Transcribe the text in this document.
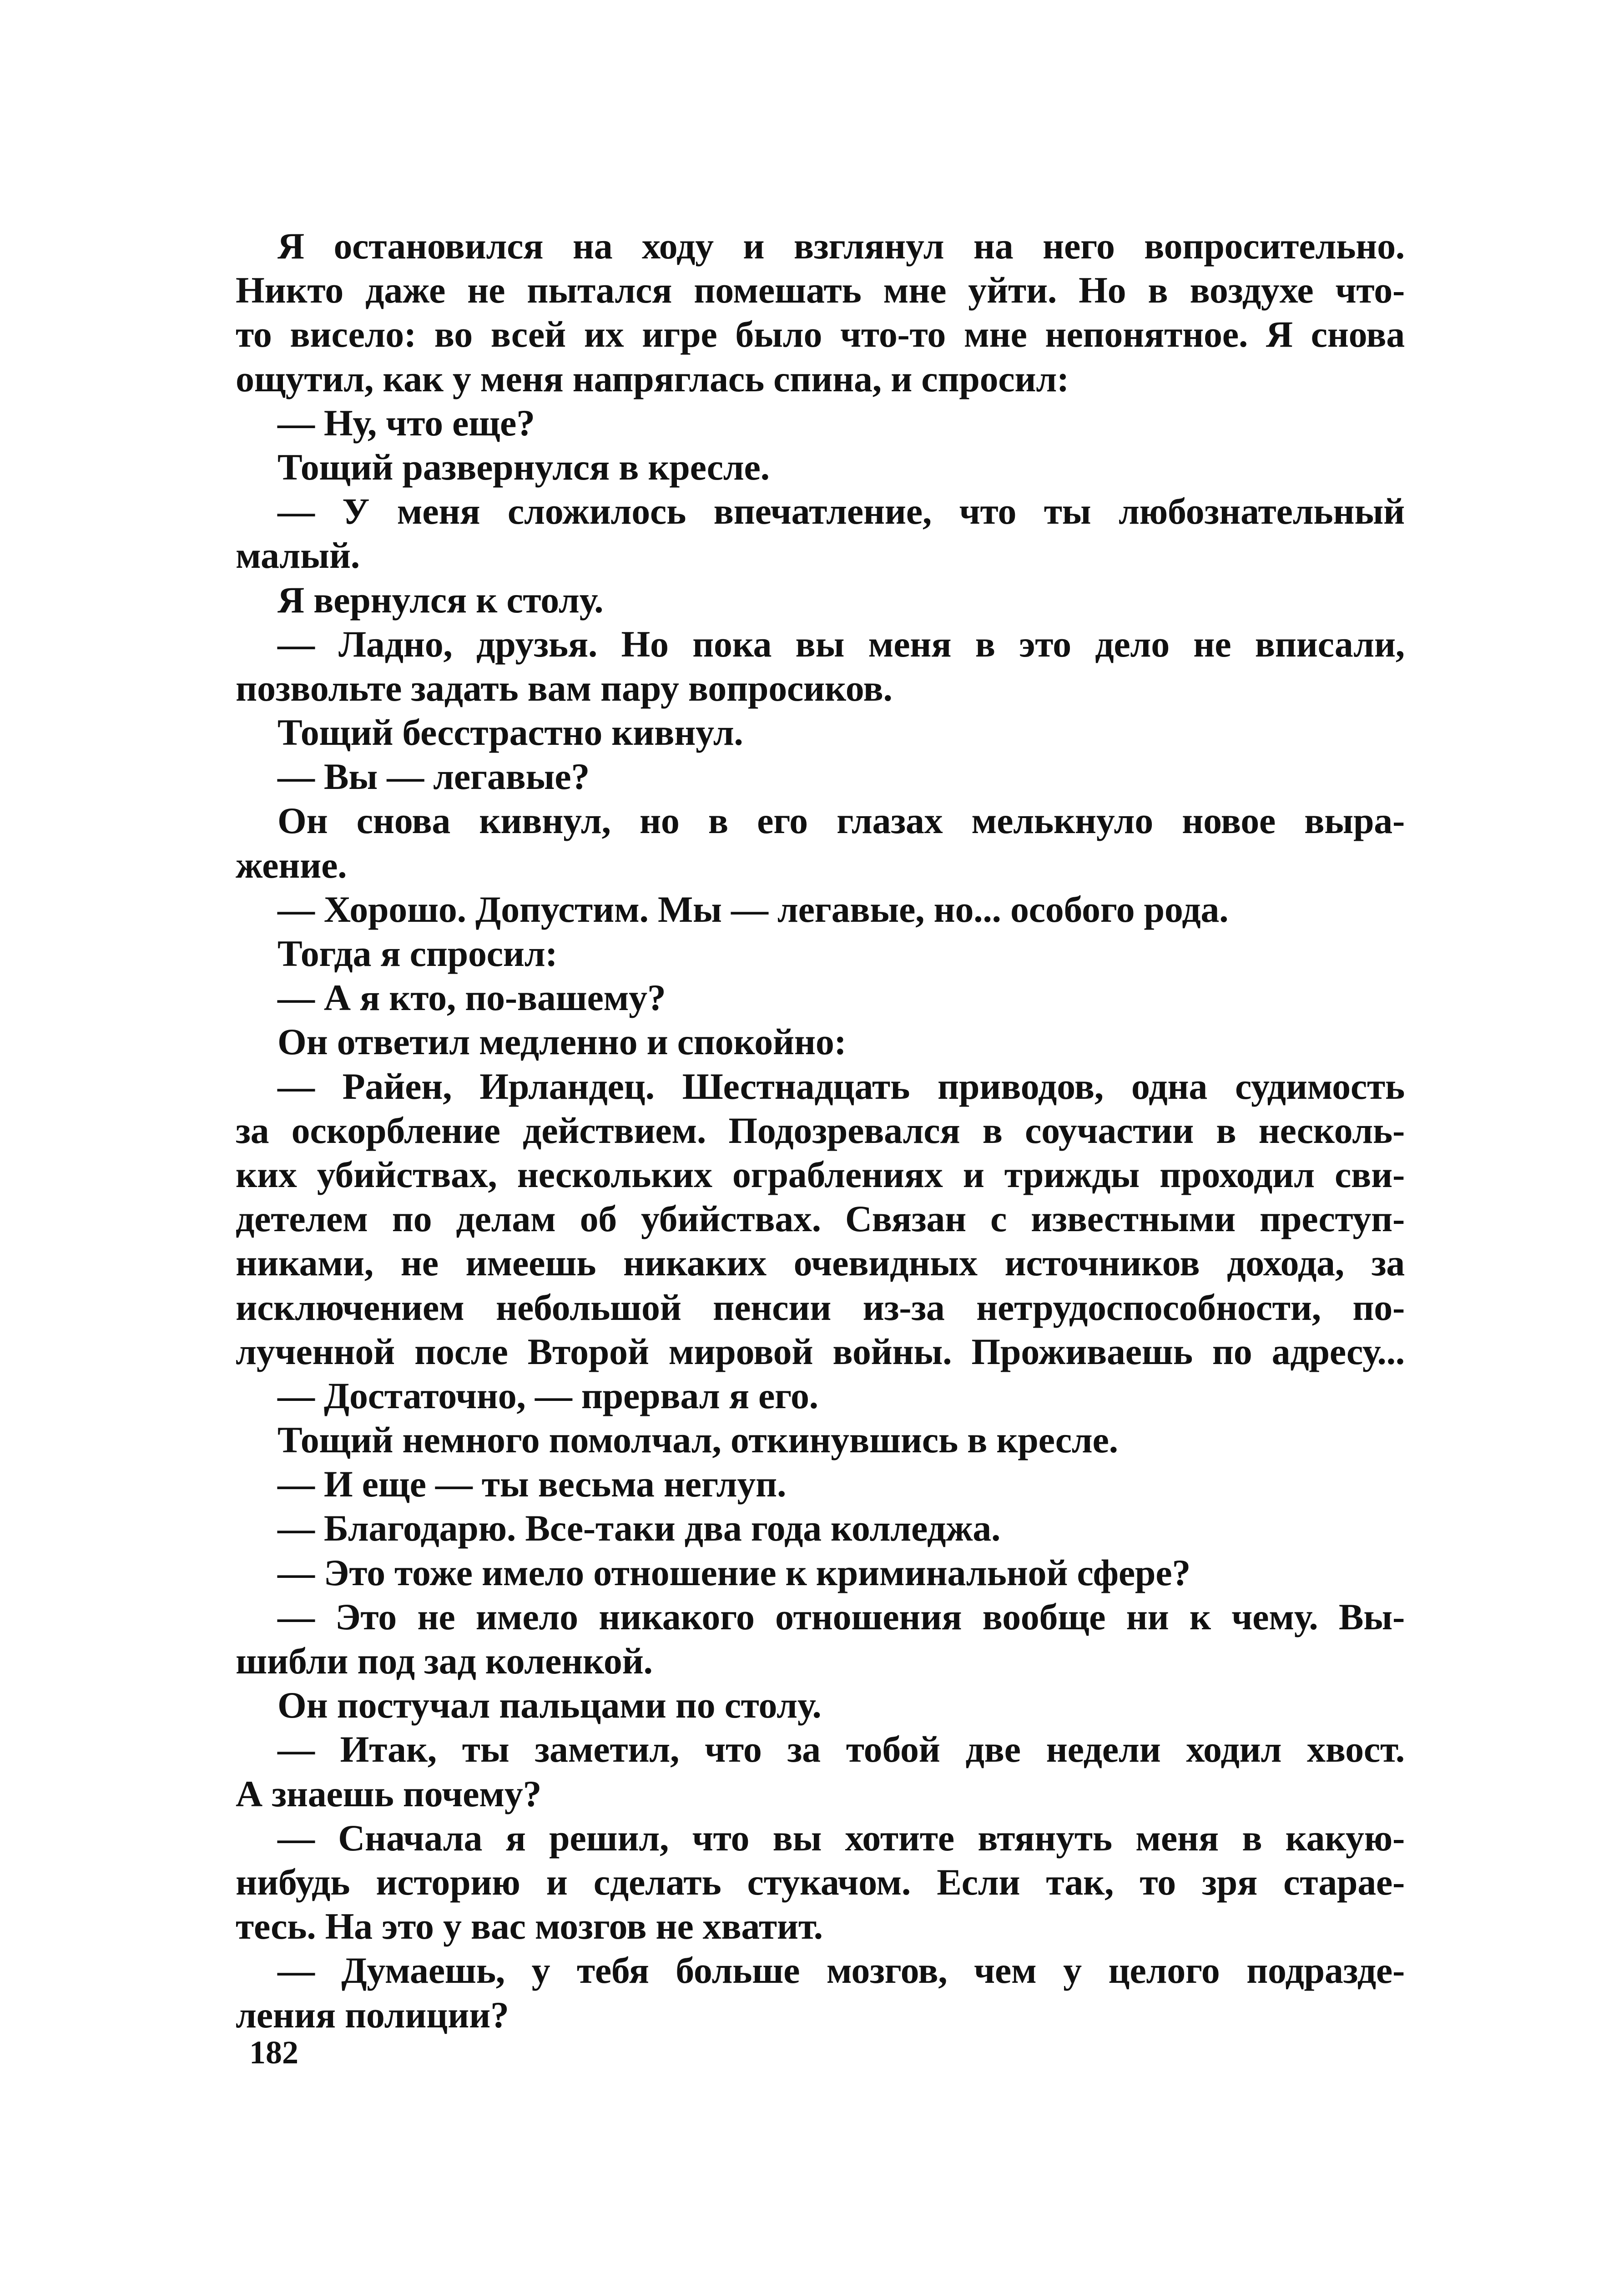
Я остановился на ходу и взглянул на него вопросительно.
Никто даже не пытался помешать мне уйти. Но в воздухе что-
то висело: во всей их игре было что-то мне непонятное. Я снова
ощутил, как у меня напряглась спина, и спросил:
— Ну, что еще?
Тощий развернулся в кресле.
— У меня сложилось впечатление, что ты любознательный
малый.
Я вернулся к столу.
— Ладно, друзья. Но пока вы меня в это дело не вписали,
позвольте задать вам пару вопросиков.
Тощий бесстрастно кивнул.
— Вы — легавые?
Он снова кивнул, но в его глазах мелькнуло новое выра-
жение.
— Хорошо. Допустим. Мы — легавые, но... особого рода.
Тогда я спросил:
— А я кто, по-вашему?
Он ответил медленно и спокойно:
— Райен, Ирландец. Шестнадцать приводов, одна судимость
за оскорбление действием. Подозревался в соучастии в несколь-
ких убийствах, нескольких ограблениях и трижды проходил сви-
детелем по делам об убийствах. Связан с известными преступ-
никами, не имеешь никаких очевидных источников дохода, за
исключением небольшой пенсии из-за нетрудоспособности, по-
лученной после Второй мировой войны. Проживаешь по адресу...
— Достаточно, — прервал я его.
Тощий немного помолчал, откинувшись в кресле.
— И еще — ты весьма неглуп.
— Благодарю. Все-таки два года колледжа.
— Это тоже имело отношение к криминальной сфере?
— Это не имело никакого отношения вообще ни к чему. Вы-
шибли под зад коленкой.
Он постучал пальцами по столу.
— Итак, ты заметил, что за тобой две недели ходил хвост.
А знаешь почему?
— Сначала я решил, что вы хотите втянуть меня в какую-
нибудь историю и сделать стукачом. Если так, то зря старае-
тесь. На это у вас мозгов не хватит.
— Думаешь, у тебя больше мозгов, чем у целого подразде-
ления полиции?
182
